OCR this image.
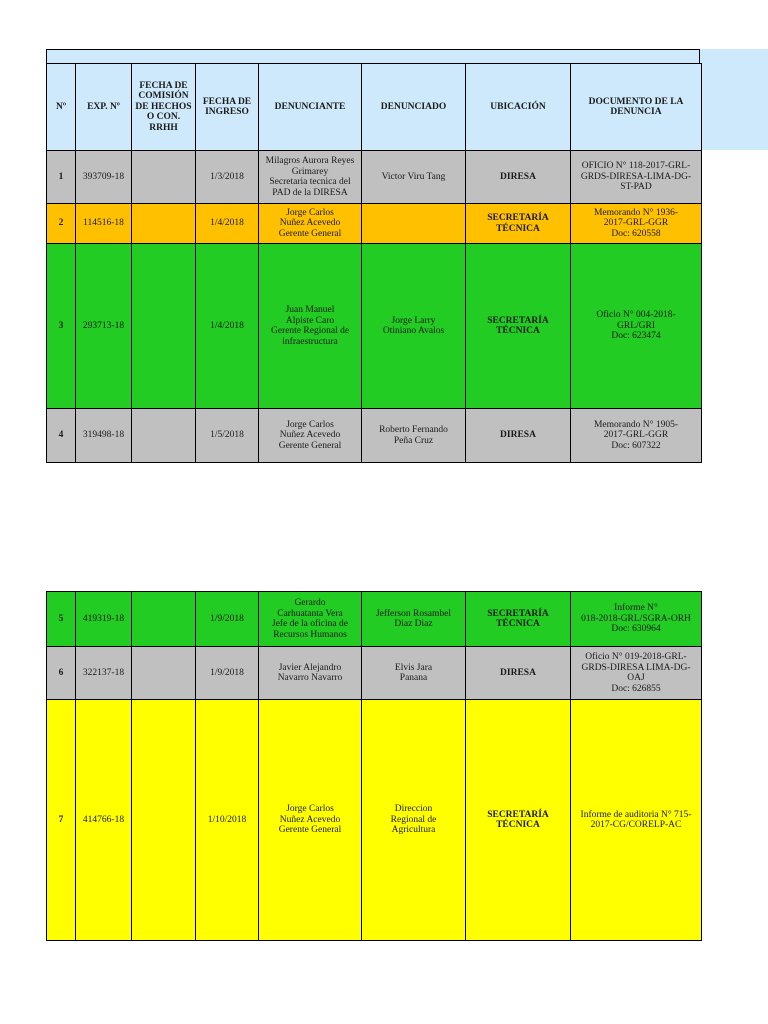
Nº	EXP. Nº	FECHA DE COMISIÓN DE HECHOS O CON. RRHH	FECHA DE INGRESO	DENUNCIANTE	DENUNCIADO	UBICACIÓN	DOCUMENTO DE LA DENUNCIA
1	393709-18		1/3/2018	Milagros Aurora Reyes
Grimarey
Secretaria tecnica del
PAD de la DIRESA	Victor Viru Tang	DIRESA	OFICIO N° 118-2017-GRL-
GRDS-DIRESA-LIMA-DG-
ST-PAD
2	114516-18		1/4/2018	Jorge Carlos
Nuñez Acevedo
Gerente General		SECRETARÍA
TÉCNICA	Memorando N° 1936-
2017-GRL-GGR
Doc: 620558
3	293713-18		1/4/2018	Juan Manuel
Alpiste Caro
Gerente Regional de
infraestructura	Jorge Larry
Otiniano Avalos	SECRETARÍA
TÉCNICA	Oficio N° 004-2018-
GRL/GRI
Doc: 623474
4	319498-18		1/5/2018	Jorge Carlos
Nuñez Acevedo
Gerente General	Roberto Fernando
Peña Cruz	DIRESA	Memorando N° 1905-
2017-GRL-GGR
Doc: 607322
5	419319-18		1/9/2018	Gerardo
Carhuatanta Vera
Jefe de la oficina de
Recursos Humanos	Jefferson Rosambel
Diaz Diaz	SECRETARÍA
TÉCNICA	Informe N°
018-2018-GRL/SGRA-ORH
Doc: 630964
6	322137-18		1/9/2018	Javier Alejandro
Navarro Navarro	Elvis Jara
Panana	DIRESA	Oficio N° 019-2018-GRL-
GRDS-DIRESA LIMA-DG-
OAJ
Doc: 626855
7	414766-18		1/10/2018	Jorge Carlos
Nuñez Acevedo
Gerente General	Direccion
Regional de
Agricultura	SECRETARÍA
TÉCNICA	Informe de auditoria N° 715-
2017-CG/CORELP-AC
